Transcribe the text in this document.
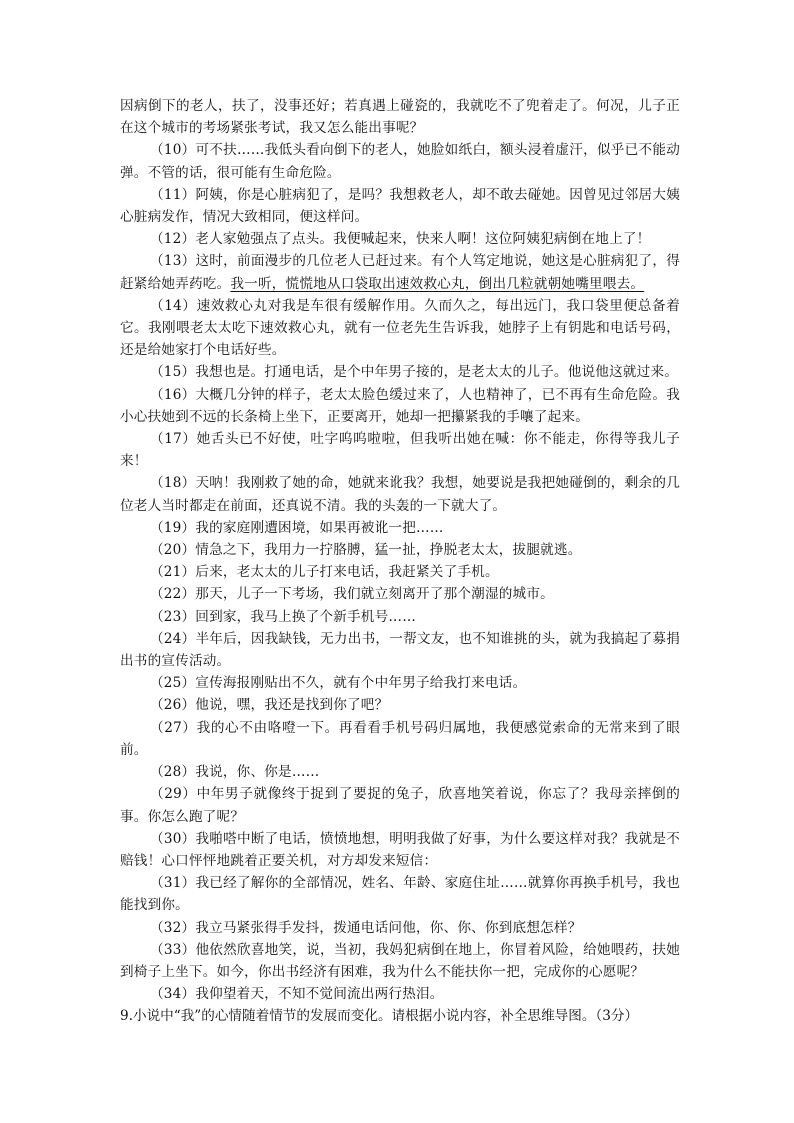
因病倒下的老人，扶了，没事还好；若真遇上碰瓷的，我就吃不了兜着走了。何况，儿子正在这个城市的考场紧张考试，我又怎么能出事呢？

（10）可不扶……我低头看向倒下的老人，她脸如纸白，额头浸着虚汗，似乎已不能动弹。不管的话，很可能有生命危险。

（11）阿姨，你是心脏病犯了，是吗？我想救老人，却不敢去碰她。因曾见过邻居大姨心脏病发作，情况大致相同，便这样问。

（12）老人家勉强点了点头。我便喊起来，快来人啊！这位阿姨犯病倒在地上了！

（13）这时，前面漫步的几位老人已赶过来。有个人笃定地说，她这是心脏病犯了，得赶紧给她弄药吃。我一听，慌慌地从口袋取出速效救心丸，倒出几粒就朝她嘴里喂去。

（14）速效救心丸对我是车很有缓解作用。久而久之，每出远门，我口袋里便总备着它。我刚喂老太太吃下速效救心丸，就有一位老先生告诉我，她脖子上有钥匙和电话号码，还是给她家打个电话好些。

（15）我想也是。打通电话，是个中年男子接的，是老太太的儿子。他说他这就过来。

（16）大概几分钟的样子，老太太脸色缓过来了，人也精神了，已不再有生命危险。我小心扶她到不远的长条椅上坐下，正要离开，她却一把攥紧我的手嚷了起来。

（17）她舌头已不好使，吐字呜呜啦啦，但我听出她在喊：你不能走，你得等我儿子来！

（18）天呐！我刚救了她的命，她就来讹我？我想，她要说是我把她碰倒的，剩余的几位老人当时都走在前面，还真说不清。我的头轰的一下就大了。

（19）我的家庭刚遭困境，如果再被讹一把……

（20）情急之下，我用力一拧胳膊，猛一扯，挣脱老太太，拔腿就逃。

（21）后来，老太太的儿子打来电话，我赶紧关了手机。

（22）那天，儿子一下考场，我们就立刻离开了那个潮湿的城市。

（23）回到家，我马上换了个新手机号……

（24）半年后，因我缺钱，无力出书，一帮文友，也不知谁挑的头，就为我搞起了募捐出书的宣传活动。

（25）宣传海报刚贴出不久，就有个中年男子给我打来电话。

（26）他说，嘿，我还是找到你了吧？

（27）我的心不由咯噔一下。再看看手机号码归属地，我便感觉索命的无常来到了眼前。

（28）我说，你、你是……

（29）中年男子就像终于捉到了要捉的兔子，欣喜地笑着说，你忘了？我母亲摔倒的事。你怎么跑了呢？

（30）我啪嗒中断了电话，愤愤地想，明明我做了好事，为什么要这样对我？我就是不赔钱！心口怦怦地跳着正要关机，对方却发来短信：

（31）我已经了解你的全部情况，姓名、年龄、家庭住址……就算你再换手机号，我也能找到你。

（32）我立马紧张得手发抖，拨通电话问他，你、你、你到底想怎样？

（33）他依然欣喜地笑，说，当初，我妈犯病倒在地上，你冒着风险，给她喂药，扶她到椅子上坐下。如今，你出书经济有困难，我为什么不能扶你一把，完成你的心愿呢？

（34）我仰望着天，不知不觉间流出两行热泪。

9.小说中“我”的心情随着情节的发展而变化。请根据小说内容，补全思维导图。（3分）
